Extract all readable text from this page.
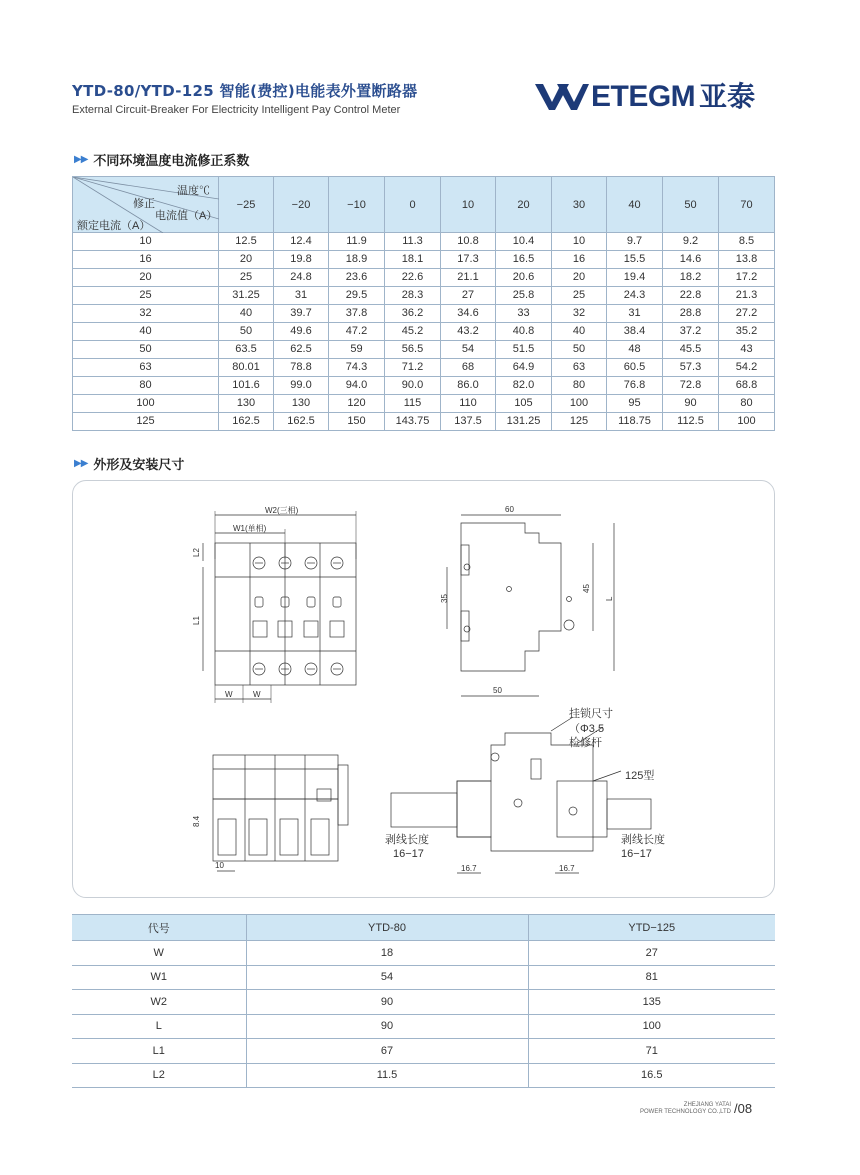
YTD-80/YTD-125 智能(费控)电能表外置断路器
External Circuit-Breaker For Electricity Intelligent Pay Control Meter	ETEGM 亚泰
▶▶ 不同环境温度电流修正系数
温度℃
修正
电流值（A）
额定电流（A）	−25	−20	−10	0	10	20	30	40	50	70
10	12.5	12.4	11.9	11.3	10.8	10.4	10	9.7	9.2	8.5
16	20	19.8	18.9	18.1	17.3	16.5	16	15.5	14.6	13.8
20	25	24.8	23.6	22.6	21.1	20.6	20	19.4	18.2	17.2
25	31.25	31	29.5	28.3	27	25.8	25	24.3	22.8	21.3
32	40	39.7	37.8	36.2	34.6	33	32	31	28.8	27.2
40	50	49.6	47.2	45.2	43.2	40.8	40	38.4	37.2	35.2
50	63.5	62.5	59	56.5	54	51.5	50	48	45.5	43
63	80.01	78.8	74.3	71.2	68	64.9	63	60.5	57.3	54.2
80	101.6	99.0	94.0	90.0	86.0	82.0	80	76.8	72.8	68.8
100	130	130	120	115	110	105	100	95	90	80
125	162.5	162.5	150	143.75	137.5	131.25	125	118.75	112.5	100
▶▶ 外形及安装尺寸
W2(三相)
W1(单相)
L2
L1
W	W
60
35
45
L
50
8.4
10
挂锁尺寸
（Φ3.5
检修杆
125型
剥线长度
16−17
剥线长度
16−17
16.7	16.7
代号	YTD-80	YTD−125
W	18	27
W1	54	81
W2	90	135
L	90	100
L1	67	71
L2	11.5	16.5
ZHEJIANG YATAI
POWER TECHNOLOGY CO.,LTD /08
